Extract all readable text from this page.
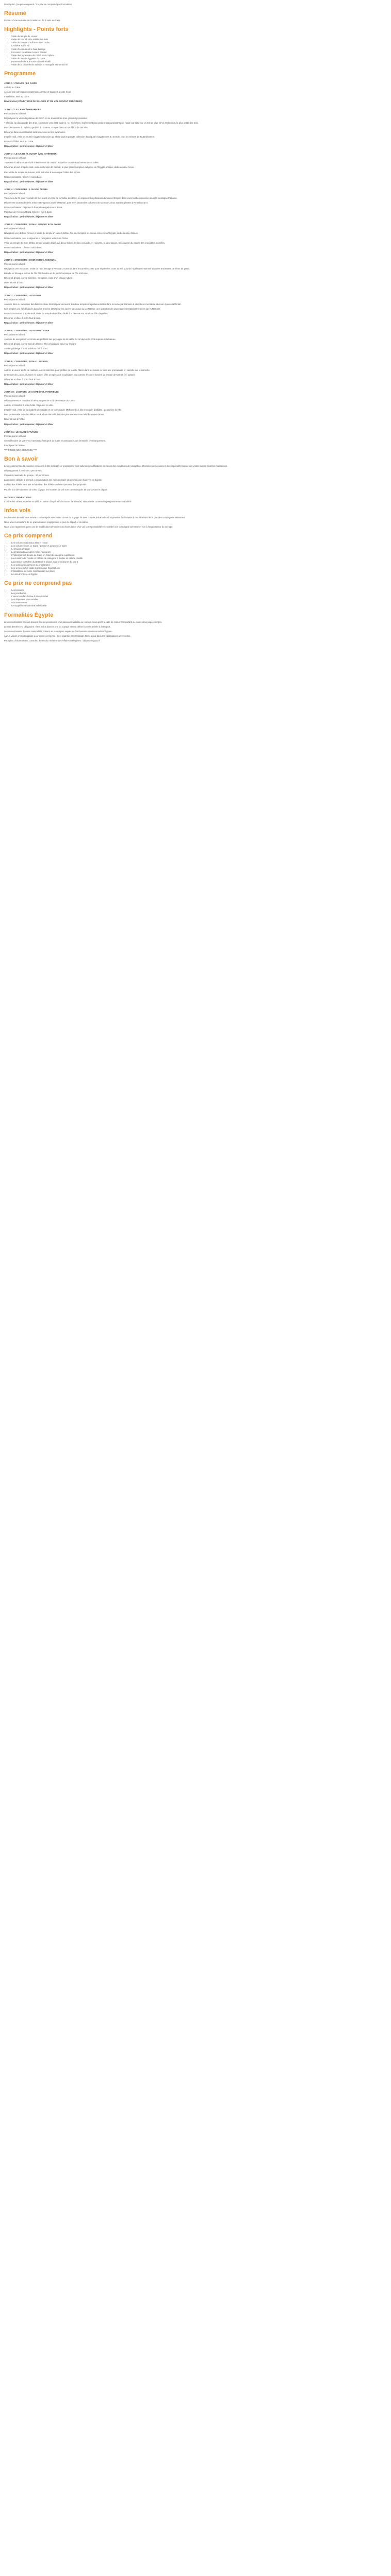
Description | Le prix comprend / Ce prix ne comprend pas Formalités

Résumé

Profitez d'une semaine de croisière et de 2 nuits au Caire

Highlights - Points forts
• Visite du temple de Louxor
• Visite de Karnak et la Vallée des Rois
• Visite du Temple d'Edfou et Kom Ombo
• Croisière sur le Nil
• Visite d'Assouan et le haut barrage
• Excursion facultative à Abou Simbel
• Visite des pyramides de Gizeh et du Sphinx
• Visite du musée égyptien du Caire
• Promenade dans le souk Khan el-Khalili
• Visite de la citadelle de Saladin et mosquée Mohamed Ali
Programme
JOUR 1 : FRANCE / LE CAIRE

Arrivée au Caire.

Accueil par notre représentant francophone et transfert à votre hôtel.

Installation. Nuit au Caire.

Dîner inclus (CONDITIONS DE SALAIRE ET DE VOL SERONT PRÉCISÉES)

JOUR 2 : LE CAIRE / PYRAMIDES

Petit déjeuner à l'hôtel.

Départ pour la visite du plateau de Gizeh où se trouvent les trois grandes pyramides :

• Khéops, la plus grande des trois, construite vers 2560 avant J.-C.; Khéphren, légèrement plus petite mais paraissant plus haute car bâtie sur un terrain plus élevé; Mykérinos, la plus petite des trois.

Puis découverte du Sphinx, gardien du plateau, sculpté dans un seul bloc de calcaire.

Déjeuner dans un restaurant local avec vue sur les pyramides.

L'après-midi, visite du musée égyptien du Caire qui abrite la plus grande collection d'antiquités égyptiennes au monde, dont les trésors de Toutankhamon.

Retour à l'hôtel. Nuit au Caire.

Repas inclus : petit-déjeuner, déjeuner et dîner

JOUR 3 : LE CAIRE / LOUXOR (VOL INTÉRIEUR)

Petit déjeuner à l'hôtel.

Transfert à l'aéroport et envol à destination de Louxor. Accueil et transfert au bateau de croisière.

Déjeuner à bord. L'après-midi, visite du temple de Karnak, le plus grand complexe religieux de l'Égypte antique, dédié au dieu Amon.

Puis visite du temple de Louxor, relié autrefois à Karnak par l'allée des sphinx.

Retour au bateau. Dîner et nuit à bord.

Repas inclus : petit-déjeuner, déjeuner et dîner

JOUR 4 : CROISIÈRE : LOUXOR / ESNA

Petit déjeuner à bord.

Traversée du Nil pour rejoindre la rive ouest et visite de la Vallée des Rois, où reposent les pharaons du Nouvel Empire dans leurs tombes creusées dans la montagne thébaine.

Découverte du temple de la reine Hatchepsout à Deir el-Bahari, puis arrêt devant les Colosses de Memnon, deux statues géantes d'Amenhotep III.

Retour au bateau. Déjeuner à bord et navigation vers Esna.

Passage de l'écluse d'Esna. Dîner et nuit à bord.

Repas inclus : petit-déjeuner, déjeuner et dîner

JOUR 5 : CROISIÈRE : ESNA / EDFOU / KOM OMBO

Petit déjeuner à bord.

Navigation vers Edfou. Arrivée et visite du temple d'Horus à Edfou, l'un des temples les mieux conservés d'Égypte, dédié au dieu faucon.

Retour au bateau pour le déjeuner et navigation vers Kom Ombo.

Visite du temple de Kom Ombo, temple double dédié aux dieux Sobek, le dieu crocodile, et Haroëris, le dieu faucon. Découverte du musée des crocodiles momifiés.

Retour au bateau. Dîner et nuit à bord.

Repas inclus : petit-déjeuner, déjeuner et dîner

JOUR 6 : CROISIÈRE : KOM OMBO / ASSOUAN

Petit déjeuner à bord.

Navigation vers Assouan. Visite du haut barrage d'Assouan, construit dans les années 1960 pour réguler les crues du Nil, puis de l'obélisque inachevé dans les anciennes carrières de granit.

Balade en felouque autour de l'île Éléphantine et du jardin botanique de l'île Kitchener.

Déjeuner à bord. Après-midi libre. En option, visite d'un village nubien.

Dîner et nuit à bord.

Repas inclus : petit-déjeuner, déjeuner et dîner

JOUR 7 : CROISIÈRE : ASSOUAN

Petit déjeuner à bord.

Journée libre ou excursion facultative à Abou Simbel pour découvrir les deux temples majestueux taillés dans la roche par Ramsès II et dédiés à lui-même et à son épouse Néfertari.

Ces temples ont été déplacés dans les années 1960 pour les sauver des eaux du lac Nasser, une opération de sauvetage internationale menée par l'UNESCO.

Retour à Assouan. L'après-midi, visite du temple de Philae, dédié à la déesse Isis, situé sur l'île d'Aguilkia.

Déjeuner et dîner à bord. Nuit à bord.

Repas inclus : petit-déjeuner, déjeuner et dîner

JOUR 8 : CROISIÈRE : ASSOUAN / ESNA

Petit déjeuner à bord.

Journée de navigation vers Esna en profitant des paysages de la vallée du Nil depuis le pont supérieur du bateau.

Déjeuner à bord. Après-midi de détente. Thé à l'anglaise servi sur le pont.

Soirée galabeya à bord. Dîner et nuit à bord.

Repas inclus : petit-déjeuner, déjeuner et dîner

JOUR 9 : CROISIÈRE : ESNA / LOUXOR

Petit déjeuner à bord.

Arrivée à Louxor en fin de matinée. Après-midi libre pour profiter de la ville, flâner dans les souks ou faire une promenade en calèche sur la corniche.

Le temple de Louxor, illuminé en soirée, offre un spectacle inoubliable, tout comme le son et lumière du temple de Karnak (en option).

Déjeuner et dîner à bord. Nuit à bord.

Repas inclus : petit-déjeuner, déjeuner et dîner

JOUR 10 : LOUXOR / LE CAIRE (VOL INTÉRIEUR)

Petit déjeuner à bord.

Débarquement et transfert à l'aéroport pour le vol à destination du Caire.

Arrivée et transfert à votre hôtel. Déjeuner en ville.

L'après-midi, visite de la citadelle de Saladin et de la mosquée Mohamed Ali, dite mosquée d'albâtre, qui domine la ville.

Puis promenade dans le célèbre souk Khan el-Khalili, l'un des plus anciens marchés du Moyen-Orient.

Dîner et nuit à l'hôtel.

Repas inclus : petit-déjeuner, déjeuner et dîner

JOUR 11 : LE CAIRE / FRANCE

Petit déjeuner à l'hôtel.

Selon l'horaire de votre vol, transfert à l'aéroport du Caire et assistance aux formalités d'embarquement.

Envol pour la France.

**** FIN DE NOS SERVICES ****

Bon à savoir

Le déroulement de la croisière est donné à titre indicatif. Le programme peut subir des modifications en raison des conditions de navigation, d'horaires des écluses et des impératifs locaux. Les visites seront toutefois maintenues.

Départ garanti à partir de 2 personnes.

Capacité maximale du groupe : 40 personnes.

La croisière débute le samedi. L'organisation des nuits au Caire dépend du jour d'arrivée en Égypte.

La liste des hôtels n'est pas exhaustive, des hôtels similaires peuvent être proposés.

Pour le bon déroulement de votre voyage, les horaires de vol sont communiqués 10 jours avant le départ.

AUTRES CONVENTIONS

L'ordre des visites peut être modifié en raison d'impératifs locaux et de sécurité, sans que le contenu du programme ne soit altéré.

Infos vols

Les horaires de vols vous seront communiqués avec votre carnet de voyage. Ils sont donnés à titre indicatif et peuvent être soumis à modifications de la part des compagnies aériennes.

Nous vous conseillons de ne prévoir aucun engagement le jour du départ et du retour.

Nous vous rappelons qu'en cas de modification d'horaires ou d'annulation d'un vol, la responsabilité en incombe à la compagnie aérienne et non à l'organisateur du voyage.

Ce prix comprend
• Les vols internationaux aller et retour
• Les vols intérieurs Le Caire / Louxor et Louxor / Le Caire
• Les taxes aéroport
• Les transferts aéroport / hôtel / aéroport
• L'hébergement 3 nuits au Caire en hôtel de catégorie supérieure
• La croisière de 7 nuits en bateau de catégorie 5 étoiles en cabine double
• La pension complète durant tout le séjour, sauf le déjeuner du jour 1
• Les visites mentionnées au programme
• Les services d'un guide égyptologue francophone
• L'assistance de notre représentant sur place
• Le visa d'entrée en Égypte
Ce prix ne comprend pas
• Les boissons
• Les pourboires
• L'excursion facultative à Abou Simbel
• Les dépenses personnelles
• Les assurances
• Le supplément chambre individuelle
Formalités Égypte

Les ressortissants français doivent être en possession d'un passeport valable au moins 6 mois après la date de retour, comportant au moins deux pages vierges.

Le visa d'entrée est obligatoire. Il est inclus dans le prix du voyage et sera délivré à votre arrivée à l'aéroport.

Les ressortissants d'autres nationalités doivent se renseigner auprès de l'ambassade ou du consulat d'Égypte.

Aucun vaccin n'est obligatoire pour entrer en Égypte. Il est toutefois recommandé d'être à jour dans les vaccinations universelles.

Pour plus d'informations, consultez le site du ministère des Affaires étrangères : diplomatie.gouv.fr
